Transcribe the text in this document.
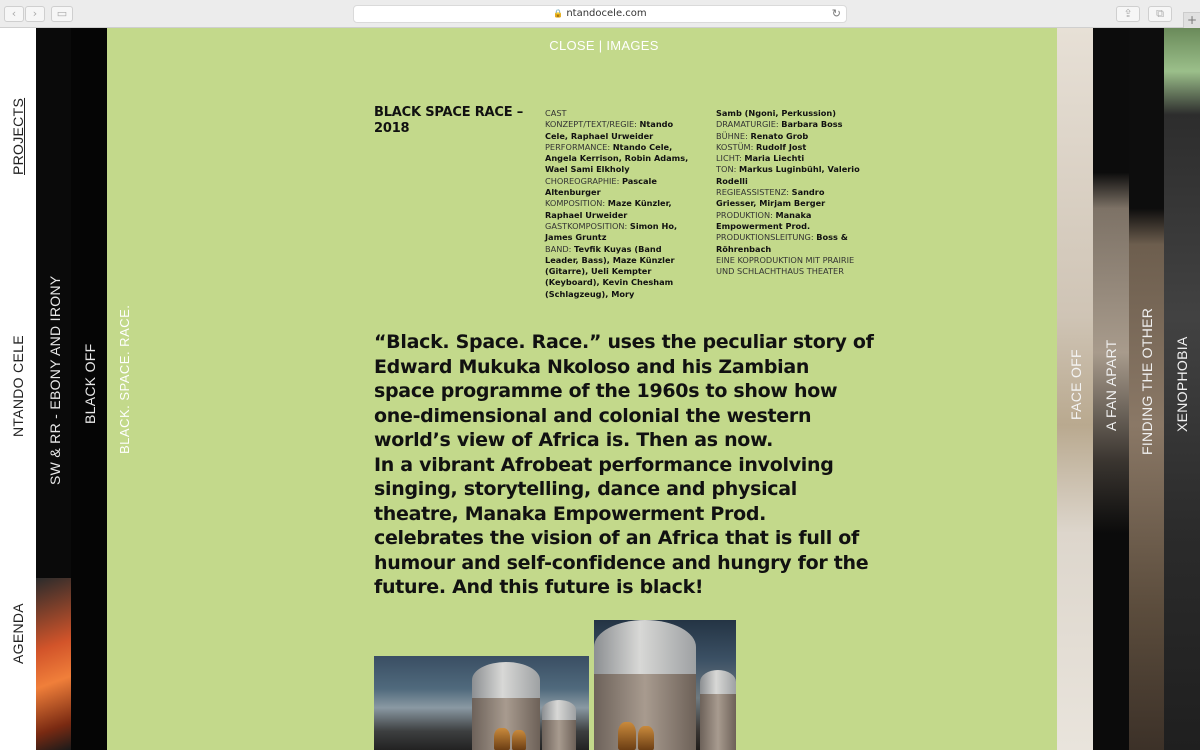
‹	›	▭	🔒 ntandocele.com	↻	⇪	⧉	+
PROJECTS
NTANDO CELE
AGENDA
SW & RR - EBONY AND IRONY BLACK OFF
CLOSE | IMAGES
BLACK. SPACE. RACE.
BLACK SPACE RACE – 2018
CAST
KONZEPT/TEXT/REGIE: Ntando Cele, Raphael Urweider
PERFORMANCE: Ntando Cele, Angela Kerrison, Robin Adams, Wael Sami Elkholy
CHOREOGRAPHIE: Pascale Altenburger
KOMPOSITION: Maze Künzler, Raphael Urweider
GASTKOMPOSITION: Simon Ho, James Gruntz
BAND: Tevfik Kuyas (Band Leader, Bass), Maze Künzler (Gitarre), Ueli Kempter (Keyboard), Kevin Chesham (Schlagzeug), Mory
Samb (Ngoni, Perkussion)
DRAMATURGIE: Barbara Boss
BÜHNE: Renato Grob
KOSTÜM: Rudolf Jost
LICHT: Maria Liechti
TON: Markus Luginbühl, Valerio Rodelli
REGIEASSISTENZ: Sandro Griesser, Mirjam Berger
PRODUKTION: Manaka Empowerment Prod.
PRODUKTIONSLEITUNG: Boss & Röhrenbach
EINE KOPRODUKTION MIT PRAIRIE UND SCHLACHTHAUS THEATER

“Black. Space. Race.” uses the peculiar story of Edward Mukuka Nkoloso and his Zambian space programme of the 1960s to show how one-dimensional and colonial the western world’s view of Africa is. Then as now.

In a vibrant Afrobeat performance involving singing, storytelling, dance and physical theatre, Manaka Empowerment Prod. celebrates the vision of an Africa that is full of humour and self-confidence and hungry for the future. And this future is black!

FACE OFF A FAN APART FINDING THE OTHER XENOPHOBIA
